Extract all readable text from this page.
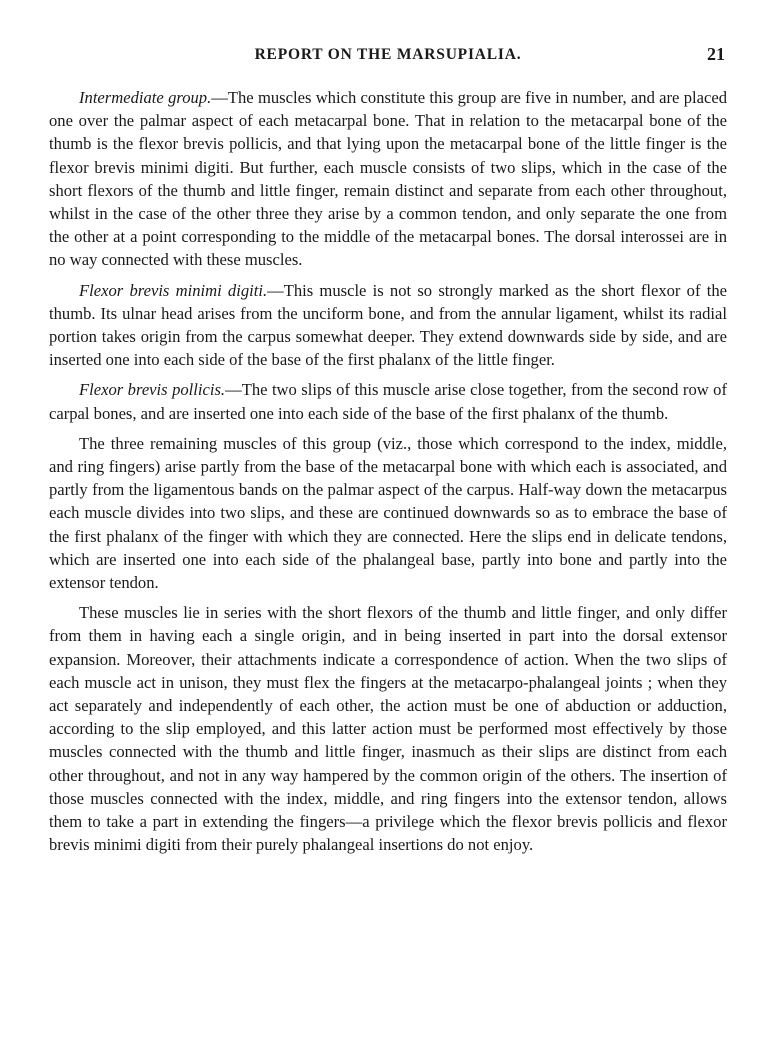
REPORT ON THE MARSUPIALIA.	21

Intermediate group.—The muscles which constitute this group are five in number, and are placed one over the palmar aspect of each metacarpal bone. That in relation to the metacarpal bone of the thumb is the flexor brevis pollicis, and that lying upon the metacarpal bone of the little finger is the flexor brevis minimi digiti. But further, each muscle consists of two slips, which in the case of the short flexors of the thumb and little finger, remain distinct and separate from each other throughout, whilst in the case of the other three they arise by a common tendon, and only separate the one from the other at a point corresponding to the middle of the metacarpal bones. The dorsal interossei are in no way connected with these muscles.

Flexor brevis minimi digiti.—This muscle is not so strongly marked as the short flexor of the thumb. Its ulnar head arises from the unciform bone, and from the annular ligament, whilst its radial portion takes origin from the carpus somewhat deeper. They extend downwards side by side, and are inserted one into each side of the base of the first phalanx of the little finger.

Flexor brevis pollicis.—The two slips of this muscle arise close together, from the second row of carpal bones, and are inserted one into each side of the base of the first phalanx of the thumb.

The three remaining muscles of this group (viz., those which correspond to the index, middle, and ring fingers) arise partly from the base of the metacarpal bone with which each is associated, and partly from the ligamentous bands on the palmar aspect of the carpus. Half-way down the metacarpus each muscle divides into two slips, and these are continued downwards so as to embrace the base of the first phalanx of the finger with which they are connected. Here the slips end in delicate tendons, which are inserted one into each side of the phalangeal base, partly into bone and partly into the extensor tendon.

These muscles lie in series with the short flexors of the thumb and little finger, and only differ from them in having each a single origin, and in being inserted in part into the dorsal extensor expansion. Moreover, their attachments indicate a correspondence of action. When the two slips of each muscle act in unison, they must flex the fingers at the metacarpo-phalangeal joints ; when they act separately and independently of each other, the action must be one of abduction or adduction, according to the slip employed, and this latter action must be performed most effectively by those muscles connected with the thumb and little finger, inasmuch as their slips are distinct from each other throughout, and not in any way hampered by the common origin of the others. The insertion of those muscles connected with the index, middle, and ring fingers into the extensor tendon, allows them to take a part in extending the fingers—a privilege which the flexor brevis pollicis and flexor brevis minimi digiti from their purely phalangeal insertions do not enjoy.
